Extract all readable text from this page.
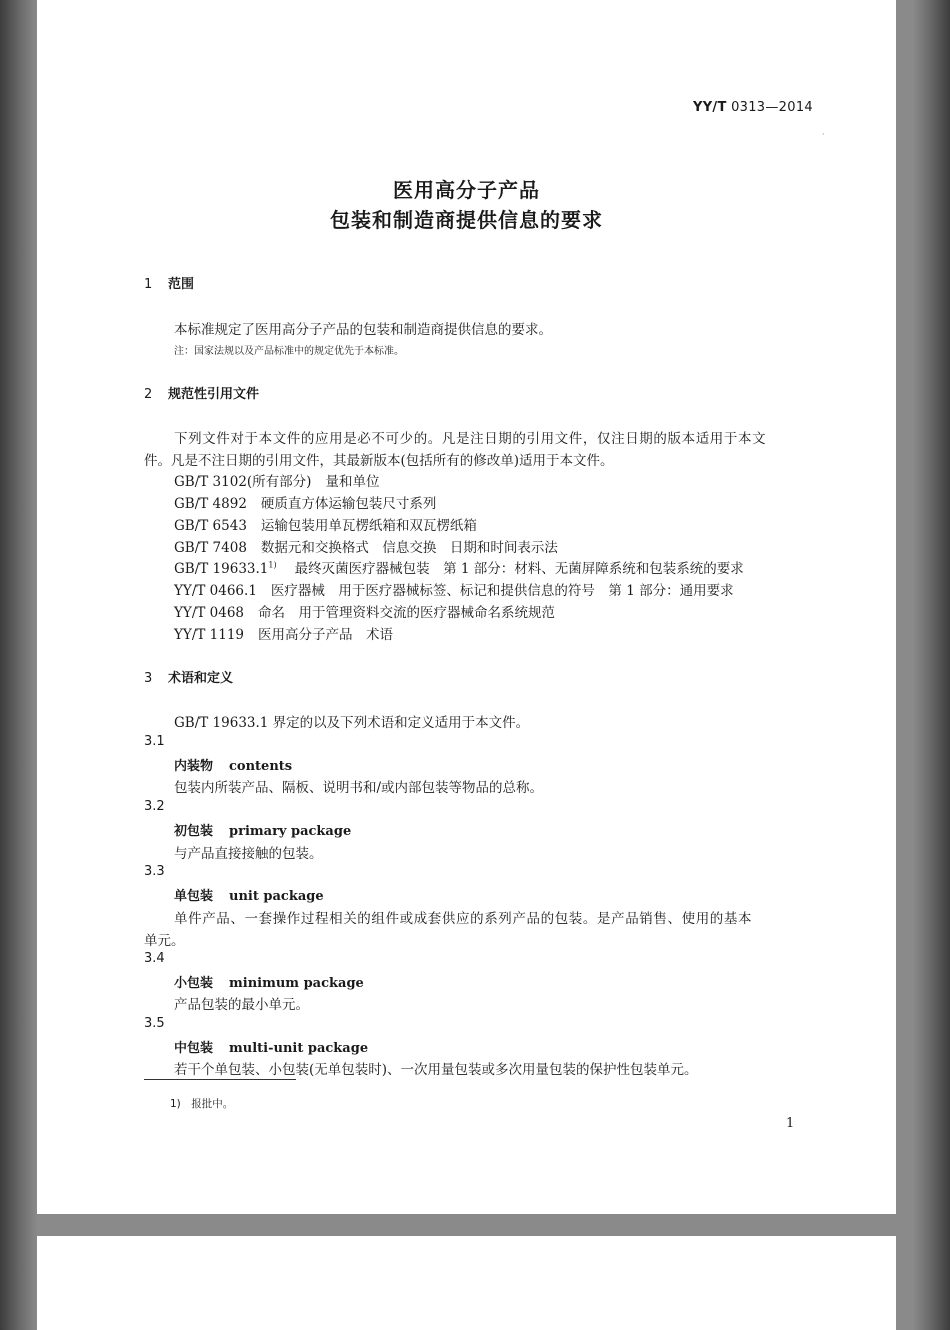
YY/T 0313—2014
·
医用高分子产品
包装和制造商提供信息的要求
1 范围
本标准规定了医用高分子产品的包装和制造商提供信息的要求。
注：国家法规以及产品标准中的规定优先于本标准。
2 规范性引用文件
下列文件对于本文件的应用是必不可少的。凡是注日期的引用文件，仅注日期的版本适用于本文
件。凡是不注日期的引用文件，其最新版本(包括所有的修改单)适用于本文件。
GB/T 3102(所有部分) 量和单位
GB/T 4892 硬质直方体运输包装尺寸系列
GB/T 6543 运输包装用单瓦楞纸箱和双瓦楞纸箱
GB/T 7408 数据元和交换格式　信息交换　日期和时间表示法
GB/T 19633.1$^{1)}$ 最终灭菌医疗器械包装　第 1 部分：材料、无菌屏障系统和包装系统的要求
YY/T 0466.1 医疗器械　用于医疗器械标签、标记和提供信息的符号　第 1 部分：通用要求
YY/T 0468 命名　用于管理资料交流的医疗器械命名系统规范
YY/T 1119 医用高分子产品　术语
3 术语和定义
GB/T 19633.1 界定的以及下列术语和定义适用于本文件。
3.1
内装物 contents
包装内所装产品、隔板、说明书和/或内部包装等物品的总称。
3.2
初包装 primary package
与产品直接接触的包装。
3.3
单包装 unit package
单件产品、一套操作过程相关的组件或成套供应的系列产品的包装。是产品销售、使用的基本
单元。
3.4
小包装 minimum package
产品包装的最小单元。
3.5
中包装 multi-unit package
若干个单包装、小包装(无单包装时)、一次用量包装或多次用量包装的保护性包装单元。
1)　报批中。
1
